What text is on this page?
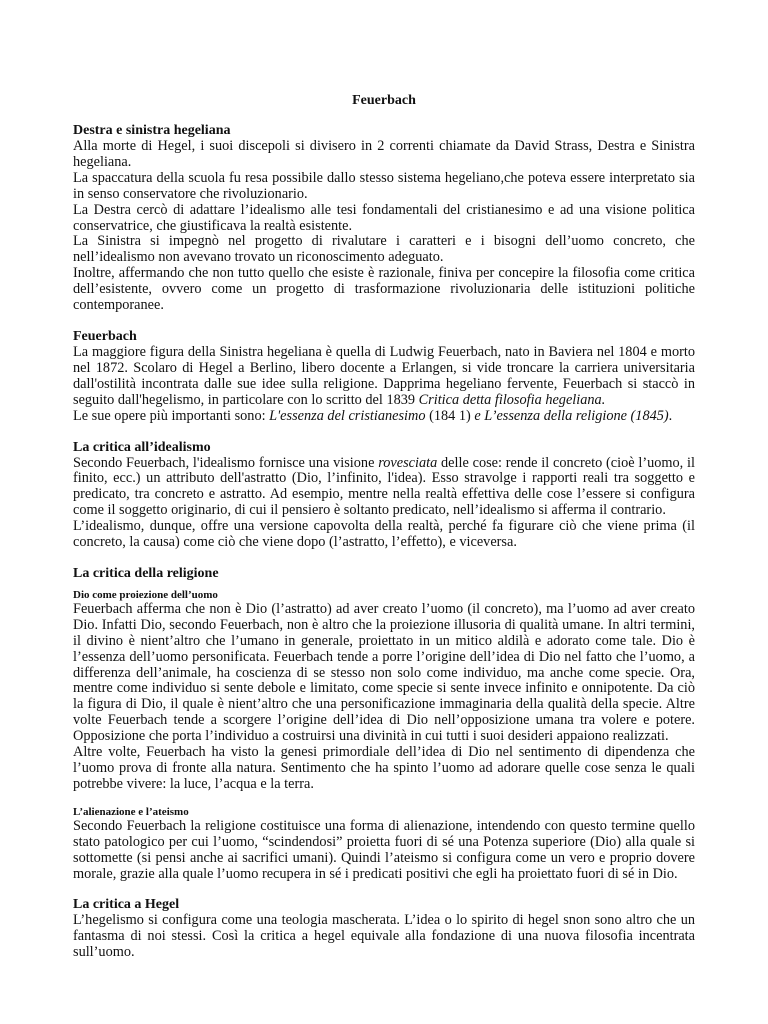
Feuerbach
Destra e sinistra hegeliana

Alla morte di Hegel, i suoi discepoli si divisero in 2 correnti chiamate da David Strass, Destra e Sinistra hegeliana.

La spaccatura della scuola fu resa possibile dallo stesso sistema hegeliano,che poteva essere interpretato sia in senso conservatore che rivoluzionario.

La Destra cercò di adattare l’idealismo alle tesi fondamentali del cristianesimo e ad una visione politica conservatrice, che giustificava la realtà esistente.

La Sinistra si impegnò nel progetto di rivalutare i caratteri e i bisogni dell’uomo concreto, che nell’idealismo non avevano trovato un riconoscimento adeguato.

Inoltre, affermando che non tutto quello che esiste è razionale, finiva per concepire la filosofia come critica dell’esistente, ovvero come un progetto di trasformazione rivoluzionaria delle istituzioni politiche contemporanee.

Feuerbach

La maggiore figura della Sinistra hegeliana è quella di Ludwig Feuerbach, nato in Baviera nel 1804 e morto nel 1872. Scolaro di Hegel a Berlino, libero docente a Erlangen, si vide troncare la carriera universitaria dall'ostilità incontrata dalle sue idee sulla religione. Dapprima hegeliano fervente, Feuerbach si staccò in seguito dall'hegelismo, in particolare con lo scritto del 1839 Critica detta filosofia hegeliana.

Le sue opere più importanti sono: L'essenza del cristianesimo (184 1) e L’essenza della religione (1845).

La critica all’idealismo

Secondo Feuerbach, l'idealismo fornisce una visione rovesciata delle cose: rende il concreto (cioè l’uomo, il finito, ecc.) un attributo dell'astratto (Dio, l’infinito, l'idea). Esso stravolge i rapporti reali tra soggetto e predicato, tra concreto e astratto. Ad esempio, mentre nella realtà effettiva delle cose l’essere si configura come il soggetto originario, di cui il pensiero è soltanto predicato, nell’idealismo si afferma il contrario.

L’idealismo, dunque, offre una versione capovolta della realtà, perché fa figurare ciò che viene prima (il concreto, la causa) come ciò che viene dopo (l’astratto, l’effetto), e viceversa.

La critica della religione
Dio come proiezione dell’uomo

Feuerbach afferma che non è Dio (l’astratto) ad aver creato l’uomo (il concreto), ma l’uomo ad aver creato Dio. Infatti Dio, secondo Feuerbach, non è altro che la proiezione illusoria di qualità umane. In altri termini, il divino è nient’altro che l’umano in generale, proiettato in un mitico aldilà e adorato come tale. Dio è l’essenza dell’uomo personificata. Feuerbach tende a porre l’origine dell’idea di Dio nel fatto che l’uomo, a differenza dell’animale, ha coscienza di se stesso non solo come individuo, ma anche come specie. Ora, mentre come individuo si sente debole e limitato, come specie si sente invece infinito e onnipotente. Da ciò la figura di Dio, il quale è nient’altro che una personificazione immaginaria della qualità della specie. Altre volte Feuerbach tende a scorgere l’origine dell’idea di Dio nell’opposizione umana tra volere e potere. Opposizione che porta l’individuo a costruirsi una divinità in cui tutti i suoi desideri appaiono realizzati.

Altre volte, Feuerbach ha visto la genesi primordiale dell’idea di Dio nel sentimento di dipendenza che l’uomo prova di fronte alla natura. Sentimento che ha spinto l’uomo ad adorare quelle cose senza le quali potrebbe vivere: la luce, l’acqua e la terra.

L’alienazione e l’ateismo

Secondo Feuerbach la religione costituisce una forma di alienazione, intendendo con questo termine quello stato patologico per cui l’uomo, “scindendosi” proietta fuori di sé una Potenza superiore (Dio) alla quale si sottomette (si pensi anche ai sacrifici umani). Quindi l’ateismo si configura come un vero e proprio dovere morale, grazie alla quale l’uomo recupera in sé i predicati positivi che egli ha proiettato fuori di sé in Dio.

La critica a Hegel

L’hegelismo si configura come una teologia mascherata. L’idea o lo spirito di hegel snon sono altro che un fantasma di noi stessi. Così la critica a hegel equivale alla fondazione di una nuova filosofia incentrata sull’uomo.
